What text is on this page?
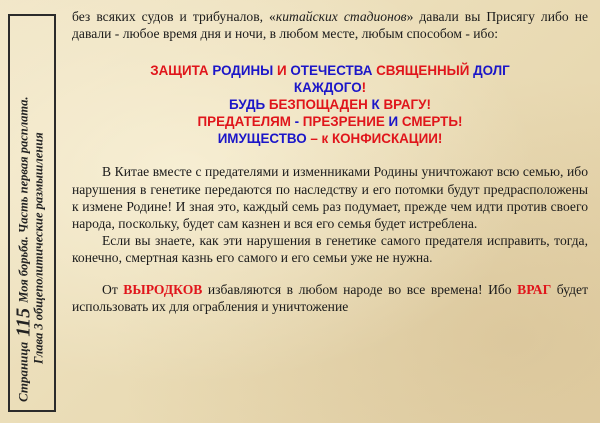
Страница 115 Моя борьба. Часть первая расплата. Глава 3 общеполитические размышления

без всяких судов и трибуналов, «китайских стадионов» давали вы Присягу либо не давали - любое время дня и ночи, в любом месте, любым способом - ибо:

ЗАЩИТА РОДИНЫ И ОТЕЧЕСТВА СВЯЩЕННЫЙ ДОЛГ
КАЖДОГО!
БУДЬ БЕЗПОЩАДЕН К ВРАГУ!
ПРЕДАТЕЛЯМ - ПРЕЗРЕНИЕ И СМЕРТЬ!
ИМУЩЕСТВО – к КОНФИСКАЦИИ!

В Китае вместе с предателями и изменниками Родины уничтожают всю семью, ибо нарушения в генетике передаются по наследству и его потомки будут предрасположены к измене Родине! И зная это, каждый семь раз подумает, прежде чем идти против своего народа, поскольку, будет сам казнен и вся его семья будет истреблена.

Если вы знаете, как эти нарушения в генетике самого предателя исправить, тогда, конечно, смертная казнь его самого и его семьи уже не нужна.

От ВЫРОДКОВ избавляются в любом народе во все времена! Ибо ВРАГ будет использовать их для ограбления и уничтожение
